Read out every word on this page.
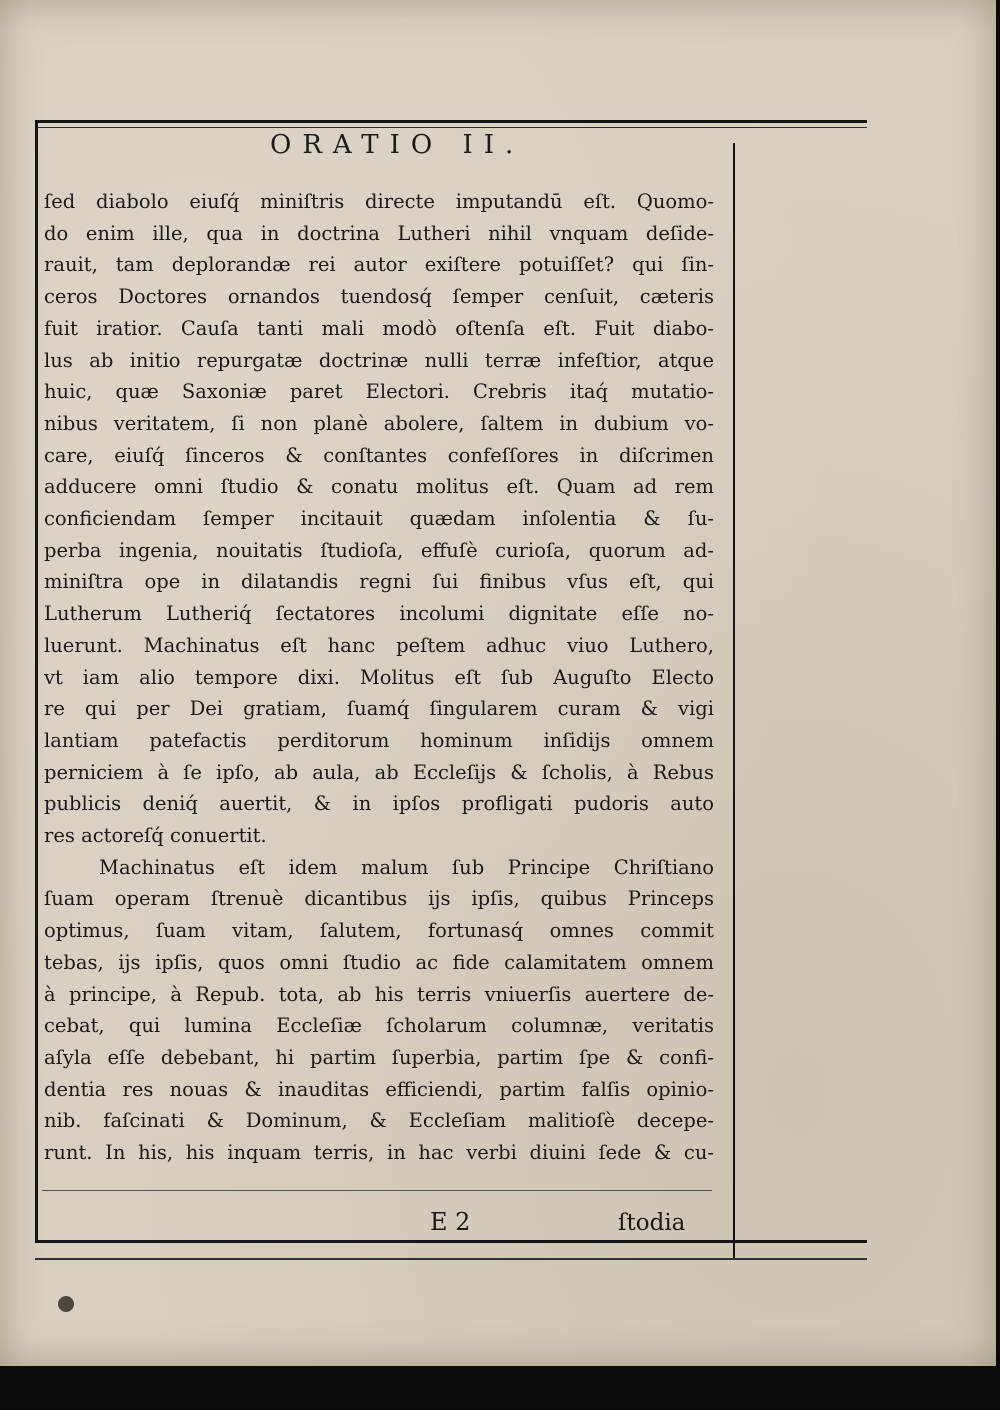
ORATIO II.
ſed diabolo eiuſq́ miniſtris directe imputandū eſt. Quomo-
do enim ille, qua in doctrina Lutheri nihil vnquam deſide-
rauit, tam deplorandæ rei autor exiſtere potuiſſet? qui ſin-
ceros Doctores ornandos tuendosq́ ſemper cenſuit, cæteris
fuit iratior. Cauſa tanti mali modò oſtenſa eſt. Fuit diabo-
lus ab initio repurgatæ doctrinæ nulli terræ infeſtior, atque
huic, quæ Saxoniæ paret Electori. Crebris itaq́ mutatio-
nibus veritatem, ſi non planè abolere, ſaltem in dubium vo-
care, eiuſq́ ſinceros & conſtantes confeſſores in diſcrimen
adducere omni ſtudio & conatu molitus eſt. Quam ad rem
conficiendam ſemper incitauit quædam inſolentia & ſu-
perba ingenia, nouitatis ſtudioſa, effuſè curioſa, quorum ad-
miniſtra ope in dilatandis regni ſui finibus vſus eſt, qui
Lutherum Lutheriq́ ſectatores incolumi dignitate eſſe no-
luerunt. Machinatus eſt hanc peſtem adhuc viuo Luthero,
vt iam alio tempore dixi. Molitus eſt ſub Auguſto Electo
re qui per Dei gratiam, ſuamq́ ſingularem curam & vigi
lantiam patefactis perditorum hominum inſidijs omnem
perniciem à ſe ipſo, ab aula, ab Eccleſijs & ſcholis, à Rebus
publicis deniq́ auertit, & in ipſos profligati pudoris auto
res actoreſq́ conuertit.
Machinatus eſt idem malum ſub Principe Chriſtiano
ſuam operam ſtrenuè dicantibus ijs ipſis, quibus Princeps
optimus, ſuam vitam, ſalutem, fortunasq́ omnes commit
tebas, ijs ipſis, quos omni ſtudio ac fide calamitatem omnem
à principe, à Repub. tota, ab his terris vniuerſis auertere de-
cebat, qui lumina Eccleſiæ ſcholarum columnæ, veritatis
aſyla eſſe debebant, hi partim ſuperbia, partim ſpe & confi-
dentia res nouas & inauditas efficiendi, partim falſis opinio-
nib. faſcinati & Dominum, & Eccleſiam malitioſè decepe-
runt. In his, his inquam terris, in hac verbi diuini ſede & cu-
E 2	ſtodia
